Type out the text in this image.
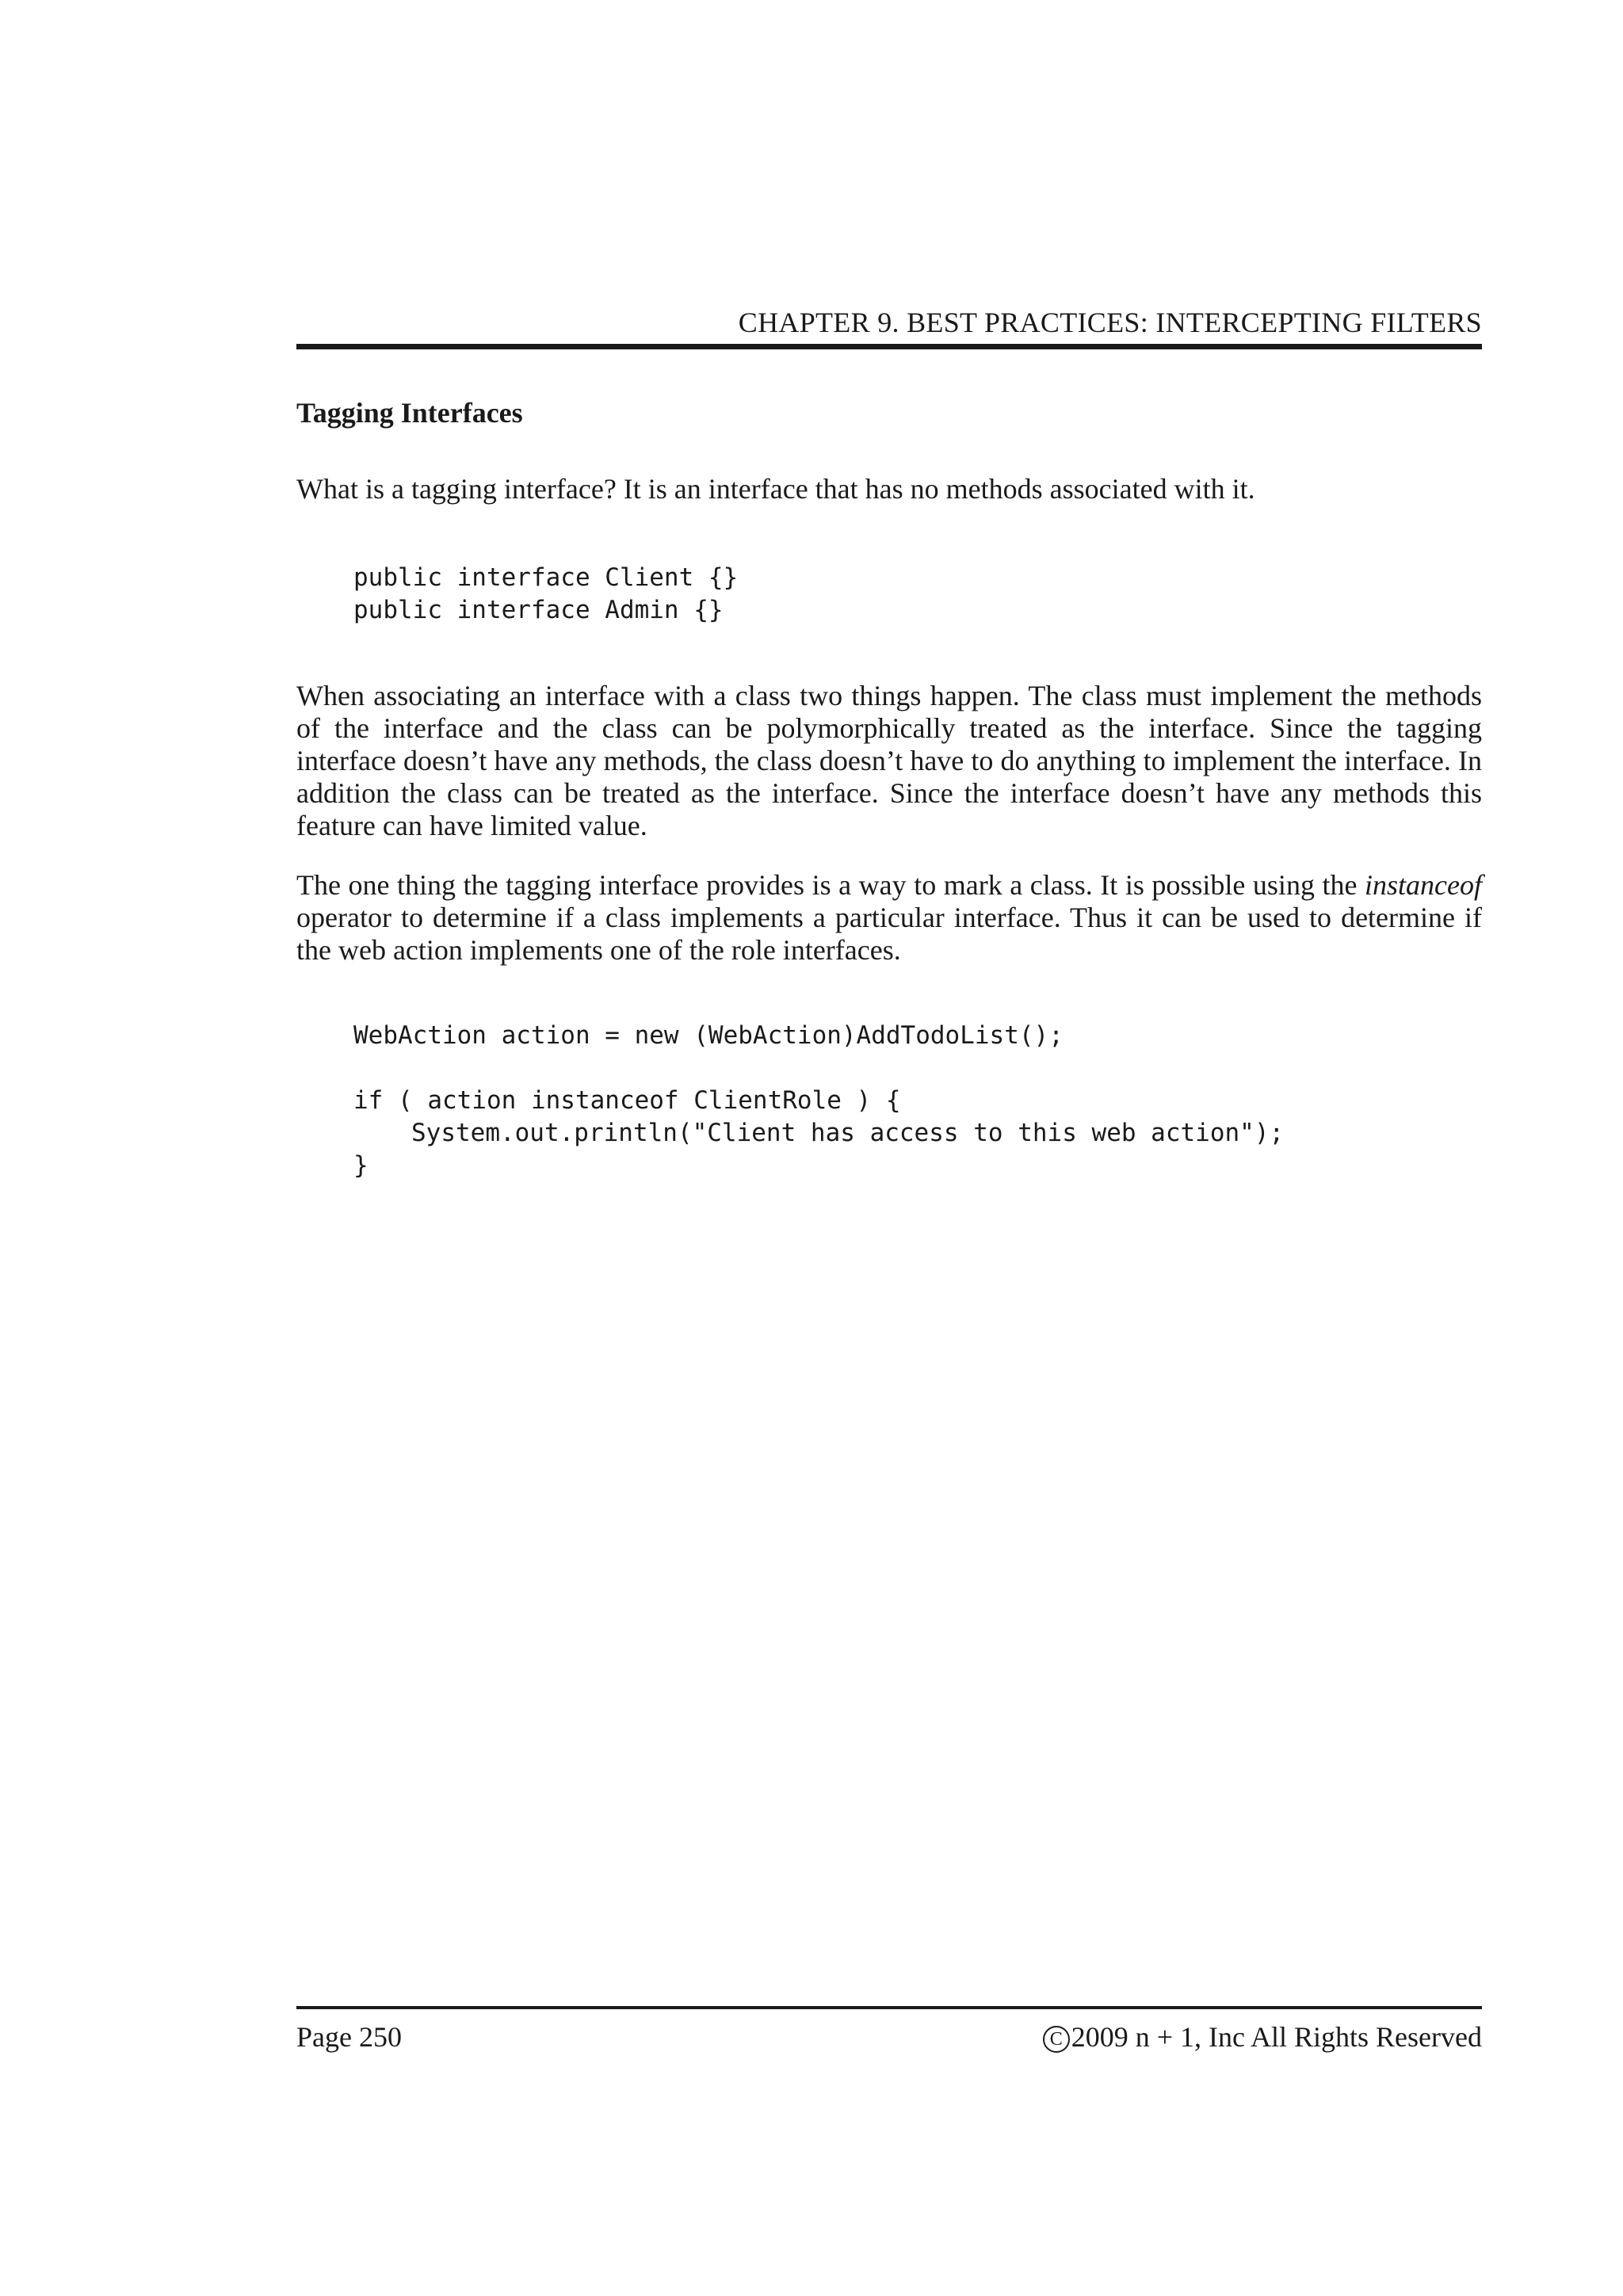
CHAPTER 9. BEST PRACTICES: INTERCEPTING FILTERS
Tagging Interfaces

What is a tagging interface? It is an interface that has no methods associated with it.

public interface Client {}
public interface Admin {}

When associating an interface with a class two things happen. The class must implement the methods of the interface and the class can be polymorphically treated as the interface. Since the tagging interface doesn’t have any methods, the class doesn’t have to do anything to implement the interface. In addition the class can be treated as the interface. Since the interface doesn’t have any methods this feature can have limited value.

The one thing the tagging interface provides is a way to mark a class. It is possible using the instanceof operator to determine if a class implements a particular interface. Thus it can be used to determine if the web action implements one of the role interfaces.

WebAction action = new (WebAction)AddTodoList();
if ( action instanceof ClientRole ) {
System.out.println("Client has access to this web action");
}
Page 250	C 2009 n + 1, Inc All Rights Reserved
